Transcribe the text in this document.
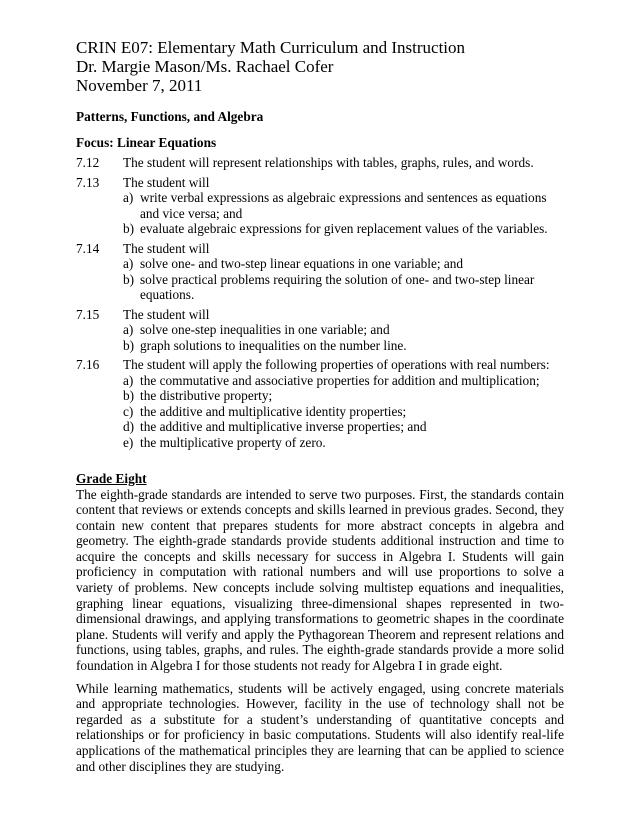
CRIN E07: Elementary Math Curriculum and Instruction

Dr. Margie Mason/Ms. Rachael Cofer

November 7, 2011

Patterns, Functions, and Algebra

Focus: Linear Equations

7.12	The student will represent relationships with tables, graphs, rules, and words.
7.13	The student will
a) write verbal expressions as algebraic expressions and sentences as equations and vice versa; and
b) evaluate algebraic expressions for given replacement values of the variables.
7.14	The student will
a) solve one- and two-step linear equations in one variable; and
b) solve practical problems requiring the solution of one- and two-step linear equations.
7.15	The student will
a) solve one-step inequalities in one variable; and
b) graph solutions to inequalities on the number line.
7.16	The student will apply the following properties of operations with real numbers:
a) the commutative and associative properties for addition and multiplication;
b) the distributive property;
c) the additive and multiplicative identity properties;
d) the additive and multiplicative inverse properties; and
e) the multiplicative property of zero.

Grade Eight

The eighth-grade standards are intended to serve two purposes. First, the standards contain content that reviews or extends concepts and skills learned in previous grades. Second, they contain new content that prepares students for more abstract concepts in algebra and geometry. The eighth-grade standards provide students additional instruction and time to acquire the concepts and skills necessary for success in Algebra I. Students will gain proficiency in computation with rational numbers and will use proportions to solve a variety of problems. New concepts include solving multistep equations and inequalities, graphing linear equations, visualizing three-dimensional shapes represented in two-dimensional drawings, and applying transformations to geometric shapes in the coordinate plane. Students will verify and apply the Pythagorean Theorem and represent relations and functions, using tables, graphs, and rules. The eighth-grade standards provide a more solid foundation in Algebra I for those students not ready for Algebra I in grade eight.

While learning mathematics, students will be actively engaged, using concrete materials and appropriate technologies. However, facility in the use of technology shall not be regarded as a substitute for a student’s understanding of quantitative concepts and relationships or for proficiency in basic computations. Students will also identify real-life applications of the mathematical principles they are learning that can be applied to science and other disciplines they are studying.
